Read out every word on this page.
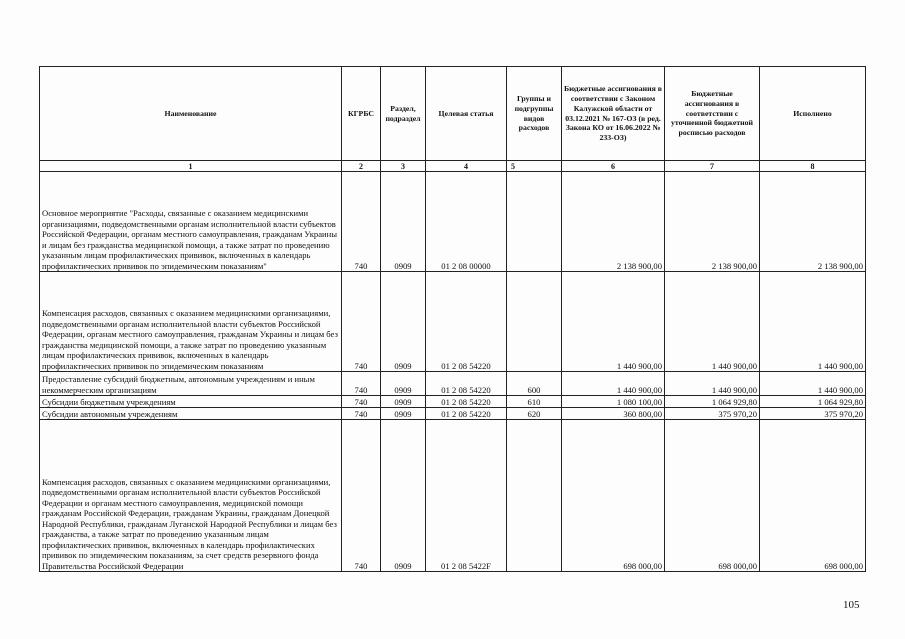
Наименование	КГРБС	Раздел, подраздел	Целевая статья	Группы и подгруппы видов расходов	Бюджетные ассигнования в соответствии с Законом Калужской области от 03.12.2021 № 167-ОЗ (в ред. Закона КО от 16.06.2022 № 233-ОЗ)	Бюджетные ассигнования в соответствии с уточненной бюджетной росписью расходов	Исполнено
1	2	3	4	5	6	7	8
Основное мероприятие "Расходы, связанные с оказанием медицинскими организациями, подведомственными органам исполнительной власти субъектов Российской Федерации, органам местного самоуправления, гражданам Украины и лицам без гражданства медицинской помощи, а также затрат по проведению указанным лицам профилактических прививок, включенных в календарь профилактических прививок по эпидемическим показаниям"	740	0909	01 2 08 00000		2 138 900,00	2 138 900,00	2 138 900,00
Компенсация расходов, связанных с оказанием медицинскими организациями, подведомственными органам исполнительной власти субъектов Российской Федерации, органам местного самоуправления, гражданам Украины и лицам без гражданства медицинской помощи, а также затрат по проведению указанным лицам профилактических прививок, включенных в календарь профилактических прививок по эпидемическим показаниям	740	0909	01 2 08 54220		1 440 900,00	1 440 900,00	1 440 900,00
Предоставление субсидий бюджетным, автономным учреждениям и иным некоммерческим организациям	740	0909	01 2 08 54220	600	1 440 900,00	1 440 900,00	1 440 900,00
Субсидии бюджетным учреждениям	740	0909	01 2 08 54220	610	1 080 100,00	1 064 929,80	1 064 929,80
Субсидии автономным учреждениям	740	0909	01 2 08 54220	620	360 800,00	375 970,20	375 970,20
Компенсация расходов, связанных с оказанием медицинскими организациями, подведомственными органам исполнительной власти субъектов Российской Федерации и органам местного самоуправления, медицинской помощи гражданам Российской Федерации, гражданам Украины, гражданам Донецкой Народной Республики, гражданам Луганской Народной Республики и лицам без гражданства, а также затрат по проведению указанным лицам профилактических прививок, включенных в календарь профилактических прививок по эпидемическим показаниям, за счет средств резервного фонда Правительства Российской Федерации	740	0909	01 2 08 5422F		698 000,00	698 000,00	698 000,00
105
